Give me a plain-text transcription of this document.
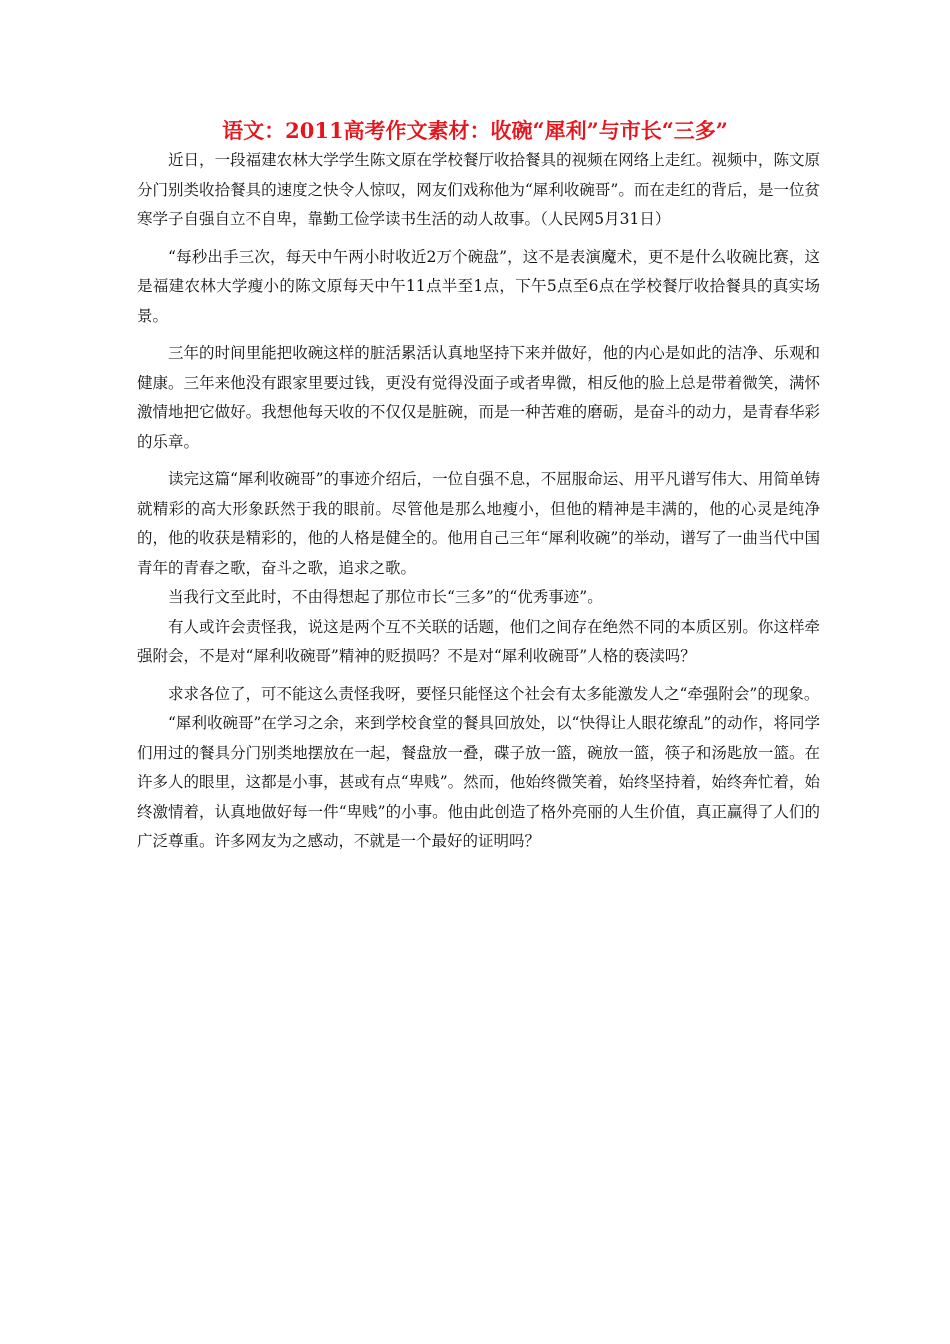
语文：2011高考作文素材：收碗“犀利”与市长“三多”

近日，一段福建农林大学学生陈文原在学校餐厅收拾餐具的视频在网络上走红。视频中，陈文原分门别类收拾餐具的速度之快令人惊叹，网友们戏称他为“犀利收碗哥”。而在走红的背后，是一位贫寒学子自强自立不自卑，靠勤工俭学读书生活的动人故事。（人民网5月31日）

“每秒出手三次，每天中午两小时收近2万个碗盘”，这不是表演魔术，更不是什么收碗比赛，这是福建农林大学瘦小的陈文原每天中午11点半至1点，下午5点至6点在学校餐厅收拾餐具的真实场景。

三年的时间里能把收碗这样的脏活累活认真地坚持下来并做好，他的内心是如此的洁净、乐观和健康。三年来他没有跟家里要过钱，更没有觉得没面子或者卑微，相反他的脸上总是带着微笑，满怀激情地把它做好。我想他每天收的不仅仅是脏碗，而是一种苦难的磨砺，是奋斗的动力，是青春华彩的乐章。

读完这篇“犀利收碗哥”的事迹介绍后，一位自强不息，不屈服命运、用平凡谱写伟大、用简单铸就精彩的高大形象跃然于我的眼前。尽管他是那么地瘦小，但他的精神是丰满的，他的心灵是纯净的，他的收获是精彩的，他的人格是健全的。他用自己三年“犀利收碗”的举动，谱写了一曲当代中国青年的青春之歌，奋斗之歌，追求之歌。

当我行文至此时，不由得想起了那位市长“三多”的“优秀事迹”。

有人或许会责怪我，说这是两个互不关联的话题，他们之间存在绝然不同的本质区别。你这样牵强附会，不是对“犀利收碗哥”精神的贬损吗？不是对“犀利收碗哥”人格的亵渎吗？

求求各位了，可不能这么责怪我呀，要怪只能怪这个社会有太多能激发人之“牵强附会”的现象。

“犀利收碗哥”在学习之余，来到学校食堂的餐具回放处，以“快得让人眼花缭乱”的动作，将同学们用过的餐具分门别类地摆放在一起，餐盘放一叠，碟子放一篮，碗放一篮，筷子和汤匙放一篮。在许多人的眼里，这都是小事，甚或有点“卑贱”。然而，他始终微笑着，始终坚持着，始终奔忙着，始终激情着，认真地做好每一件“卑贱”的小事。他由此创造了格外亮丽的人生价值，真正赢得了人们的广泛尊重。许多网友为之感动，不就是一个最好的证明吗？
